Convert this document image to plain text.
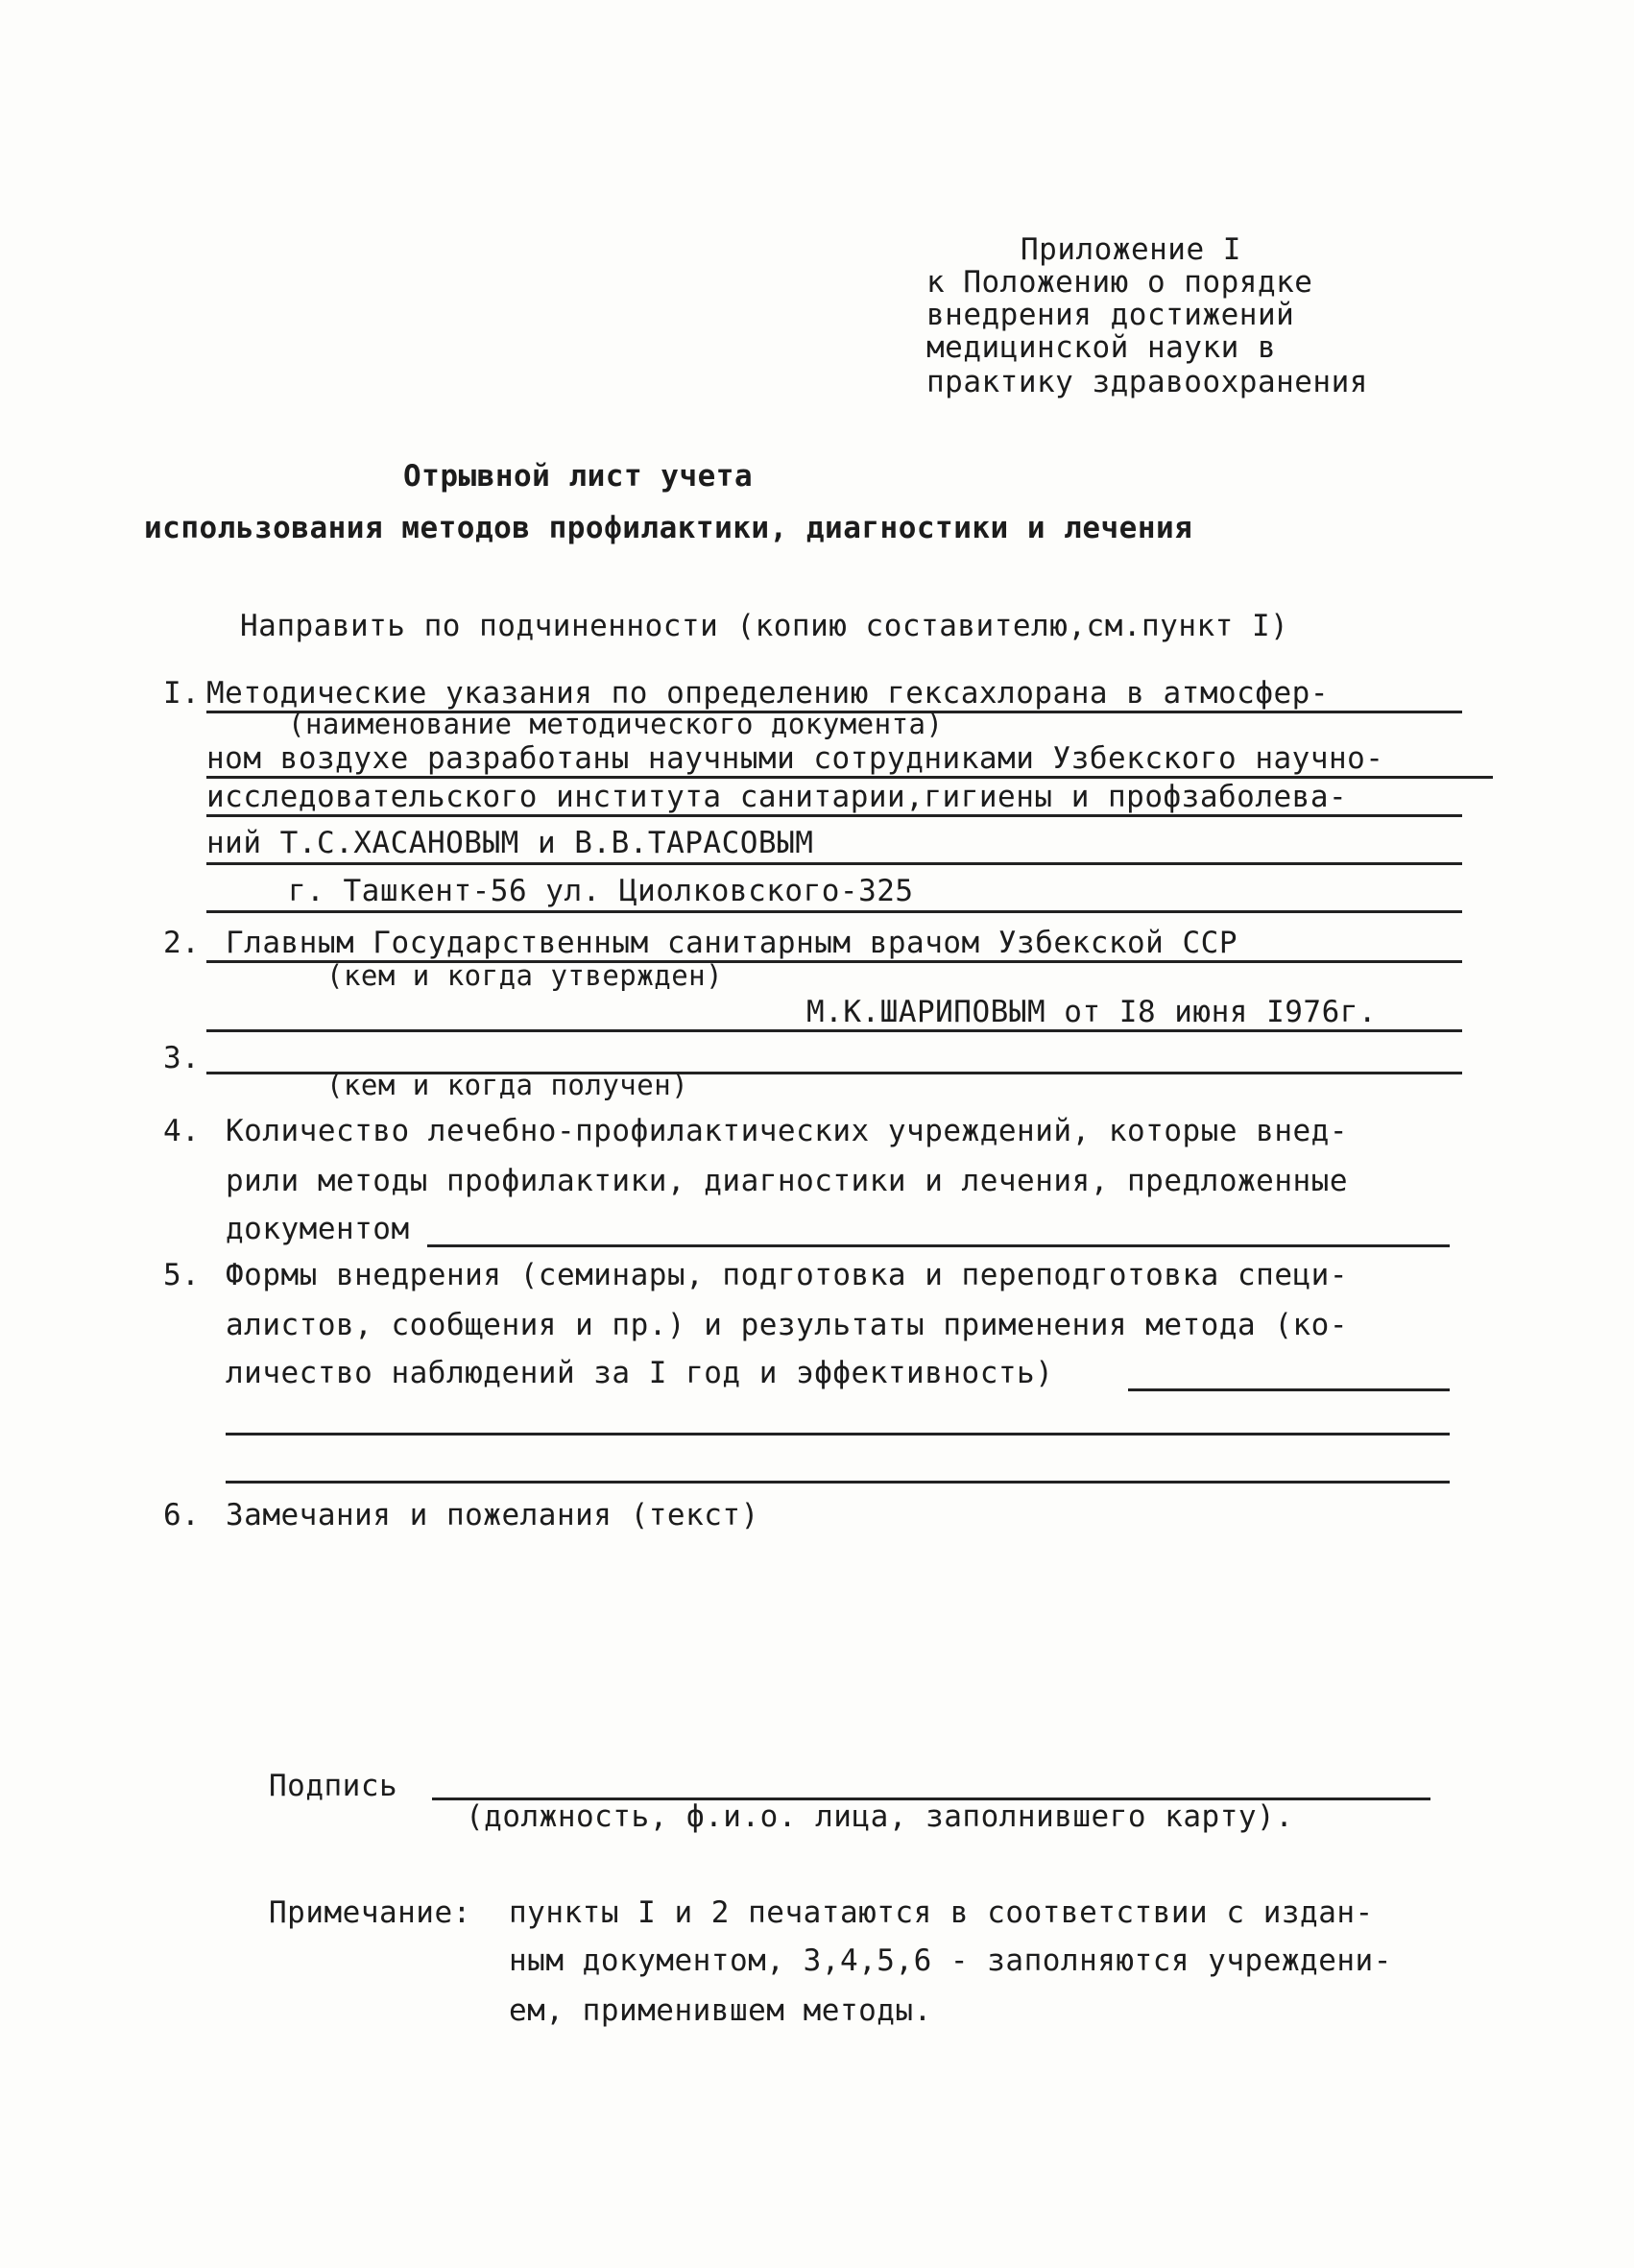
Приложение I
к Положению о порядке
внедрения достижений
медицинской науки в
практику здравоохранения
Отрывной лист учета
использования методов профилактики, диагностики и лечения
Направить по подчиненности (копию составителю,см.пункт I)
I. Методические указания по определению гексахлорана в атмосфер-
(наименование методического документа)
ном воздухе разработаны научными сотрудниками Узбекского научно-
исследовательского института санитарии,гигиены и профзаболева-
ний Т.С.ХАСАНОВЫМ и В.В.ТАРАСОВЫМ
г. Ташкент-56 ул. Циолковского-325
2. Главным Государственным санитарным врачом Узбекской ССР
(кем и когда утвержден)
М.К.ШАРИПОВЫМ от I8 июня I976г.
3.
(кем и когда получен)
4. Количество лечебно-профилактических учреждений, которые внед-
рили методы профилактики, диагностики и лечения, предложенные
документом
5. Формы внедрения (семинары, подготовка и переподготовка специ-
алистов, сообщения и пр.) и результаты применения метода (ко-
личество наблюдений за I год и эффективность)
6. Замечания и пожелания (текст)
Подпись
(должность, ф.и.о. лица, заполнившего карту).
Примечание: пункты I и 2 печатаются в соответствии с издан-
ным документом, 3,4,5,6 - заполняются учреждени-
ем, применившем методы.
